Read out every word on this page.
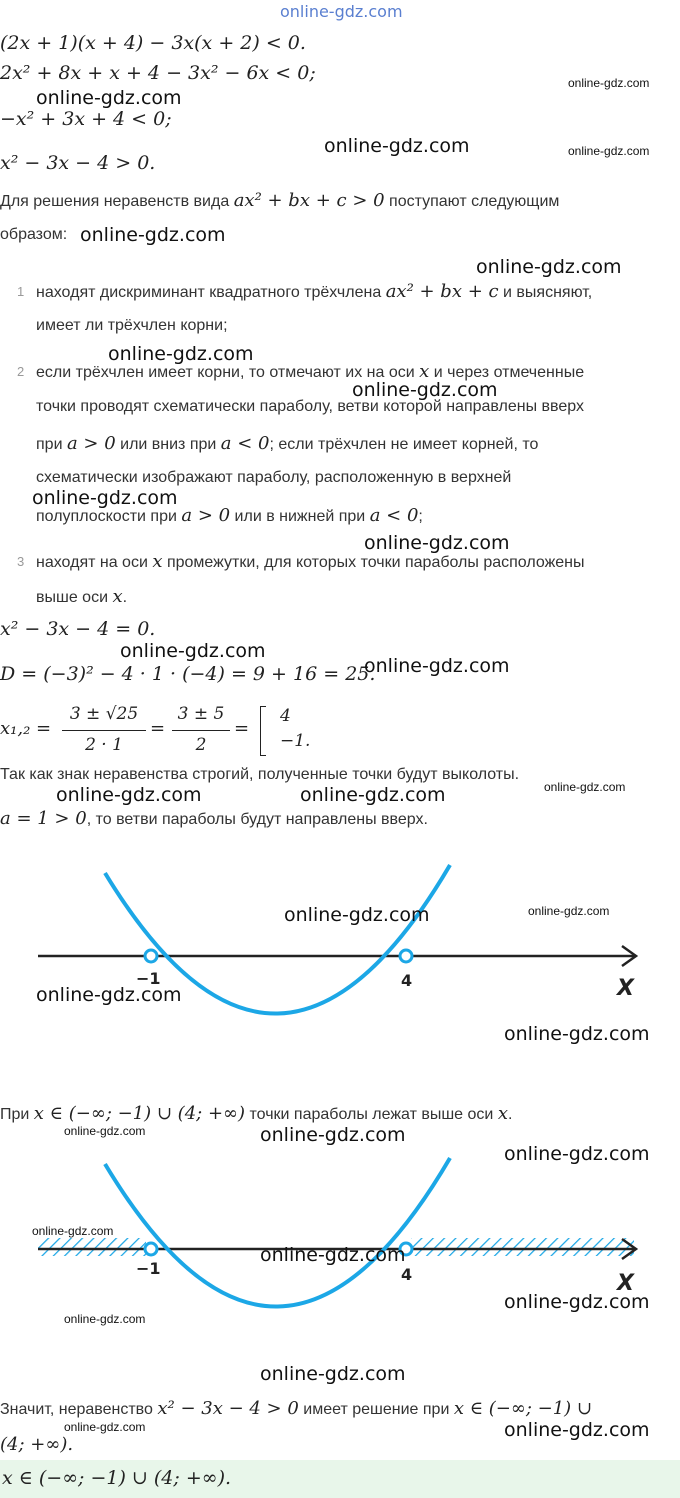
online-gdz.com
(2x + 1)(x + 4) − 3x(x + 2) < 0.
2x² + 8x + x + 4 − 3x² − 6x < 0;
−x² + 3x + 4 < 0;
x² − 3x − 4 > 0.
Для решения неравенств вида ax² + bx + c > 0 поступают следующим
образом:
1 находят дискриминант квадратного трёхчлена ax² + bx + c и выясняют,
имеет ли трёхчлен корни;
2 если трёхчлен имеет корни, то отмечают их на оси x и через отмеченные
точки проводят схематически параболу, ветви которой направлены вверх
при a > 0 или вниз при a < 0; если трёхчлен не имеет корней, то
схематически изображают параболу, расположенную в верхней
полуплоскости при a > 0 или в нижней при a < 0;
3 находят на оси x промежутки, для которых точки параболы расположены
выше оси x.
x² − 3x − 4 = 0.
D = (−3)² − 4 · 1 · (−4) = 9 + 16 = 25.
x₁,₂ =
3 ± √25
2 · 1
=
3 ± 5
2
=
4
−1.
Так как знак неравенства строгий, полученные точки будут выколоты.
a = 1 > 0, то ветви параболы будут направлены вверх.
−1	4	X
При x ∈ (−∞; −1) ∪ (4; +∞) точки параболы лежат выше оси x.
−1	4	X
Значит, неравенство x² − 3x − 4 > 0 имеет решение при x ∈ (−∞; −1) ∪
(4; +∞).
x ∈ (−∞; −1) ∪ (4; +∞).
online-gdz.com
online-gdz.com
online-gdz.com	online-gdz.com
online-gdz.com
online-gdz.com
online-gdz.com
online-gdz.com
online-gdz.com
online-gdz.com
online-gdz.com
online-gdz.com
online-gdz.com	online-gdz.com	online-gdz.com
online-gdz.com	online-gdz.com
online-gdz.com
online-gdz.com
online-gdz.com	online-gdz.com
online-gdz.com
online-gdz.com
online-gdz.com
online-gdz.com
online-gdz.com
online-gdz.com
online-gdz.com	online-gdz.com
